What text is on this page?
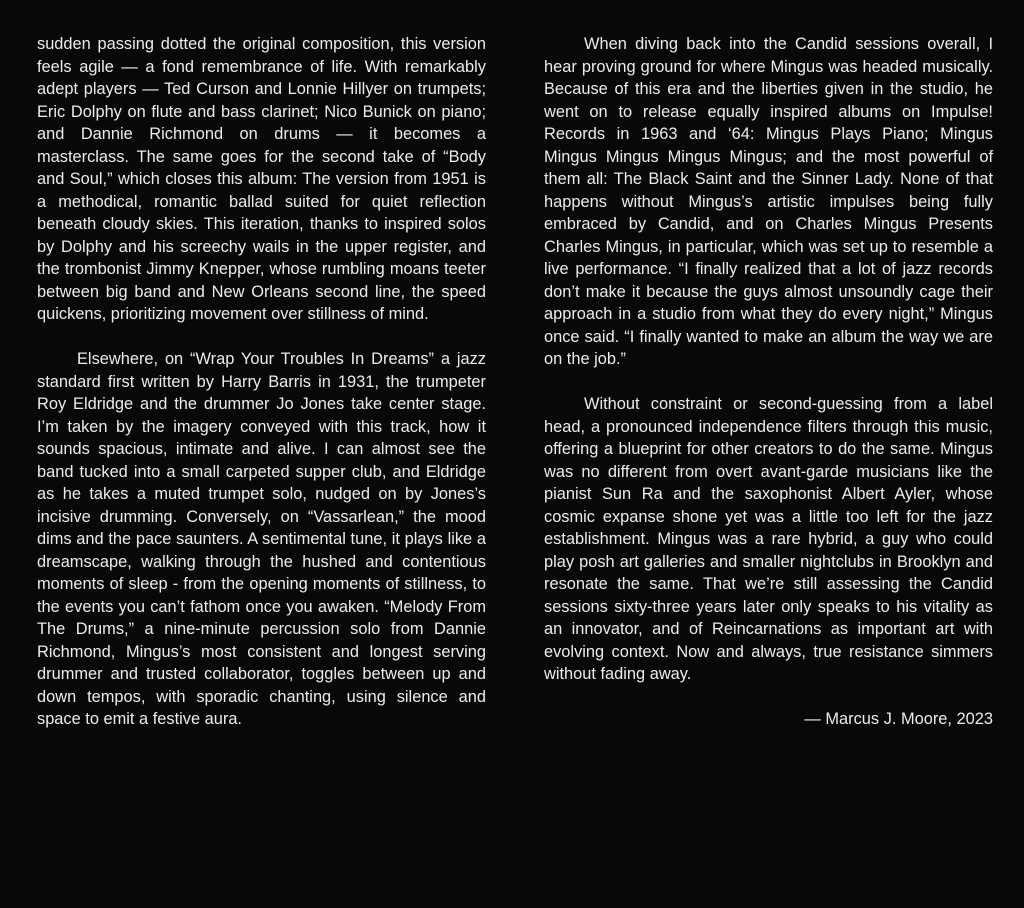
sudden passing dotted the original composition, this version feels agile — a fond remembrance of life. With remarkably adept players — Ted Curson and Lonnie Hillyer on trumpets; Eric Dolphy on flute and bass clarinet; Nico Bunick on piano; and Dannie Richmond on drums — it becomes a masterclass. The same goes for the second take of “Body and Soul,” which closes this album: The version from 1951 is a methodical, romantic ballad suited for quiet reflection beneath cloudy skies. This iteration, thanks to inspired solos by Dolphy and his screechy wails in the upper register, and the trombonist Jimmy Knepper, whose rumbling moans teeter between big band and New Orleans second line, the speed quickens, prioritizing movement over stillness of mind.

Elsewhere, on “Wrap Your Troubles In Dreams” a jazz standard first written by Harry Barris in 1931, the trumpeter Roy Eldridge and the drummer Jo Jones take center stage. I’m taken by the imagery conveyed with this track, how it sounds spacious, intimate and alive. I can almost see the band tucked into a small carpeted supper club, and Eldridge as he takes a muted trumpet solo, nudged on by Jones’s incisive drumming. Conversely, on “Vassarlean,” the mood dims and the pace saunters. A sentimental tune, it plays like a dreamscape, walking through the hushed and contentious moments of sleep - from the opening moments of stillness, to the events you can’t fathom once you awaken. “Melody From The Drums,” a nine-minute percussion solo from Dannie Richmond, Mingus’s most consistent and longest serving drummer and trusted collaborator, toggles between up and down tempos, with sporadic chanting, using silence and space to emit a festive aura.

When diving back into the Candid sessions overall, I hear proving ground for where Mingus was headed musically. Because of this era and the liberties given in the studio, he went on to release equally inspired albums on Impulse! Records in 1963 and ‘64: Mingus Plays Piano; Mingus Mingus Mingus Mingus Mingus; and the most powerful of them all: The Black Saint and the Sinner Lady. None of that happens without Mingus’s artistic impulses being fully embraced by Candid, and on Charles Mingus Presents Charles Mingus, in particular, which was set up to resemble a live performance. “I finally realized that a lot of jazz records don’t make it because the guys almost unsoundly cage their approach in a studio from what they do every night,” Mingus once said. “I finally wanted to make an album the way we are on the job.”

Without constraint or second-guessing from a label head, a pronounced independence filters through this music, offering a blueprint for other creators to do the same. Mingus was no different from overt avant-garde musicians like the pianist Sun Ra and the saxophonist Albert Ayler, whose cosmic expanse shone yet was a little too left for the jazz establishment. Mingus was a rare hybrid, a guy who could play posh art galleries and smaller nightclubs in Brooklyn and resonate the same. That we’re still assessing the Candid sessions sixty-three years later only speaks to his vitality as an innovator, and of Reincarnations as important art with evolving context. Now and always, true resistance simmers without fading away.

— Marcus J. Moore, 2023
